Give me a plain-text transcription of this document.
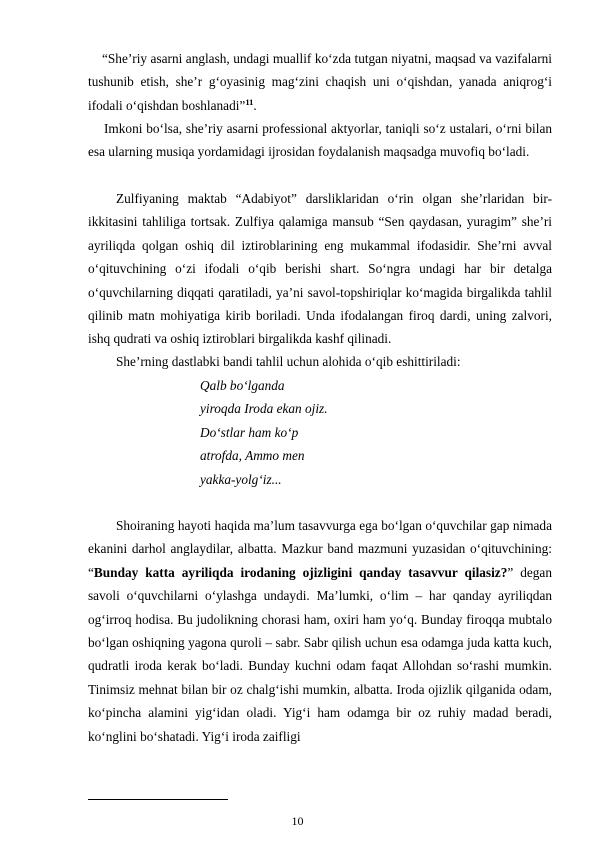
“She’riy asarni anglash, undagi muallif ko‘zda tutgan niyatni, maqsad va vazifalarni tushunib etish, she’r g‘oyasinig mag‘zini chaqish uni o‘qishdan, yanada aniqrog‘i ifodali o‘qishdan boshlanadi”$^{11}$.

Imkoni bo‘lsa, she’riy asarni professional aktyorlar, taniqli so‘z ustalari, o‘rni bilan esa ularning musiqa yordamidagi ijrosidan foydalanish maqsadga muvofiq bo‘ladi.

Zulfiyaning maktab “Adabiyot” darsliklaridan o‘rin olgan she’rlaridan bir-ikkitasini tahliliga tortsak. Zulfiya qalamiga mansub “Sen qaydasan, yuragim” she’ri ayriliqda qolgan oshiq dil iztiroblarining eng mukammal ifodasidir. She’rni avval o‘qituvchining o‘zi ifodali o‘qib berishi shart. So‘ngra undagi har bir detalga o‘quvchilarning diqqati qaratiladi, ya’ni savol-topshiriqlar ko‘magida birgalikda tahlil qilinib matn mohiyatiga kirib boriladi. Unda ifodalangan firoq dardi, uning zalvori, ishq qudrati va oshiq iztiroblari birgalikda kashf qilinadi.

She’rning dastlabki bandi tahlil uchun alohida o‘qib eshittiriladi:

Qalb bo‘lganda
yiroqda Iroda ekan ojiz.
Do‘stlar ham ko‘p
atrofda, Ammo men
yakka-yolg‘iz...

Shoiraning hayoti haqida ma’lum tasavvurga ega bo‘lgan o‘quvchilar gap nimada ekanini darhol anglaydilar, albatta. Mazkur band mazmuni yuzasidan o‘qituvchining: “Bunday katta ayriliqda irodaning ojizligini qanday tasavvur qilasiz?” degan savoli o‘quvchilarni o‘ylashga undaydi. Ma’lumki, o‘lim – har qanday ayriliqdan og‘irroq hodisa. Bu judolikning chorasi ham, oxiri ham yo‘q. Bunday firoqqa mubtalo bo‘lgan oshiqning yagona quroli – sabr. Sabr qilish uchun esa odamga juda katta kuch, qudratli iroda kerak bo‘ladi. Bunday kuchni odam faqat Allohdan so‘rashi mumkin. Tinimsiz mehnat bilan bir oz chalg‘ishi mumkin, albatta. Iroda ojizlik qilganida odam, ko‘pincha alamini yig‘idan oladi. Yig‘i ham odamga bir oz ruhiy madad beradi, ko‘nglini bo‘shatadi. Yig‘i iroda zaifligi

10
